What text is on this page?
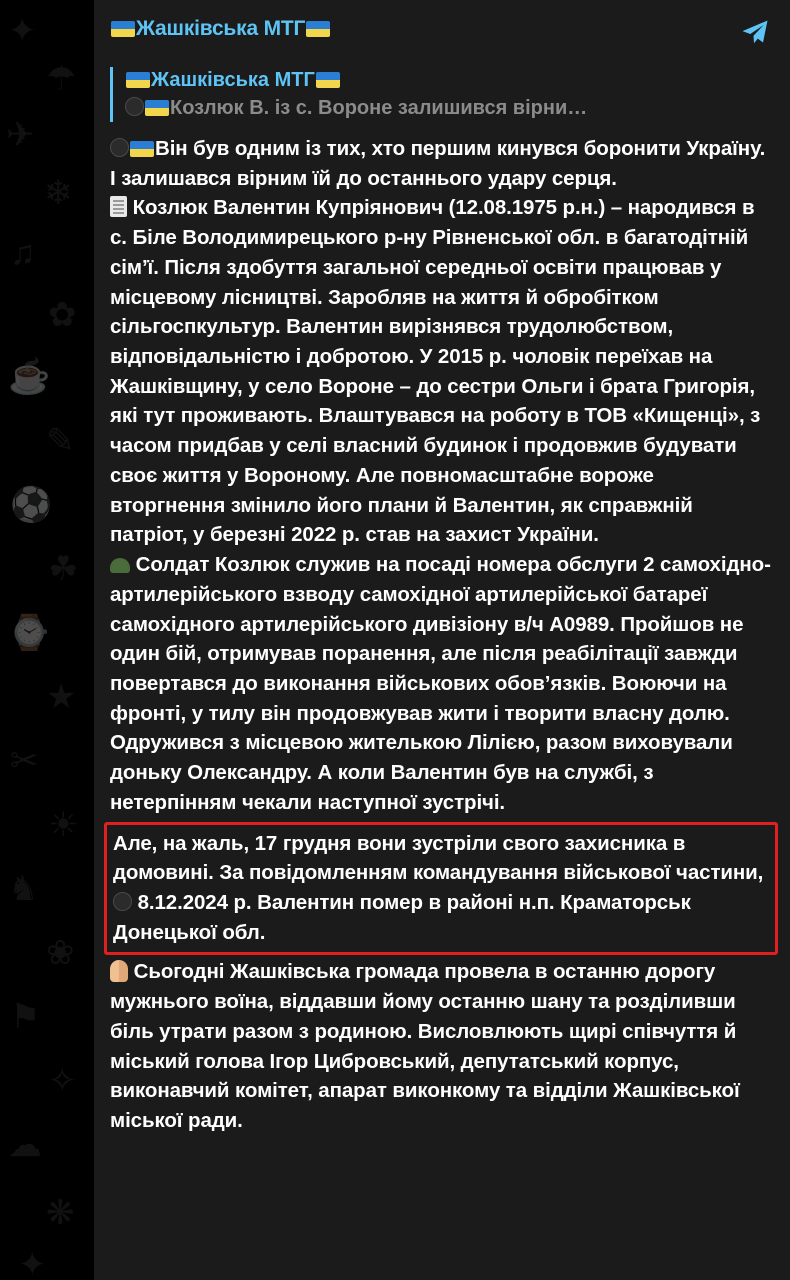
✦
☂
✈
❄
♫
✿
☕
✎
⚽
☘
⌚
★
✂
☀
♞
❀
⚑
✧
☁
❋
✦
Жашківська МТГ
Жашківська МТГ
Козлюк В. із с. Вороне залишився вірни…

Він був одним із тих, хто першим кинувся боронити Україну. І залишався вірним їй до останнього удару серця.

Козлюк Валентин Купріянович (12.08.1975 р.н.) – народився в с. Біле Володимирецького р-ну Рівненської обл. в багатодітній сім’ї. Після здобуття загальної середньої освіти працював у місцевому лісництві. Заробляв на життя й обробітком сільгоспкультур. Валентин вирізнявся трудолюбством, відповідальністю і добротою. У 2015 р. чоловік переїхав на Жашківщину, у село Вороне – до сестри Ольги і брата Григорія, які тут проживають. Влаштувався на роботу в ТОВ «Кищенці», з часом придбав у селі власний будинок і продовжив будувати своє життя у Вороному. Але повномасштабне вороже вторгнення змінило його плани й Валентин, як справжній патріот, у березні 2022 р. став на захист України.

Солдат Козлюк служив на посаді номера обслуги 2 самохідно-артилерійського взводу самохідної артилерійської батареї самохідного артилерійського дивізіону в/ч А0989. Пройшов не один бій, отримував поранення, але після реабілітації завжди повертався до виконання військових обов’язків. Воюючи на фронті, у тилу він продовжував жити і творити власну долю. Одружився з місцевою жителькою Лілією, разом виховували доньку Олександру. А коли Валентин був на службі, з нетерпінням чекали наступної зустрічі.

Але, на жаль, 17 грудня вони зустріли свого захисника в домовині. За повідомленням командування військової частини,  8.12.2024 р. Валентин помер в районі н.п. Краматорськ Донецької обл.

Сьогодні Жашківська громада провела в останню дорогу мужнього воїна, віддавши йому останню шану та розділивши біль утрати разом з родиною. Висловлюють щирі співчуття й міський голова Ігор Цибровський, депутатський корпус, виконавчий комітет, апарат виконкому та відділи Жашківської міської ради.
